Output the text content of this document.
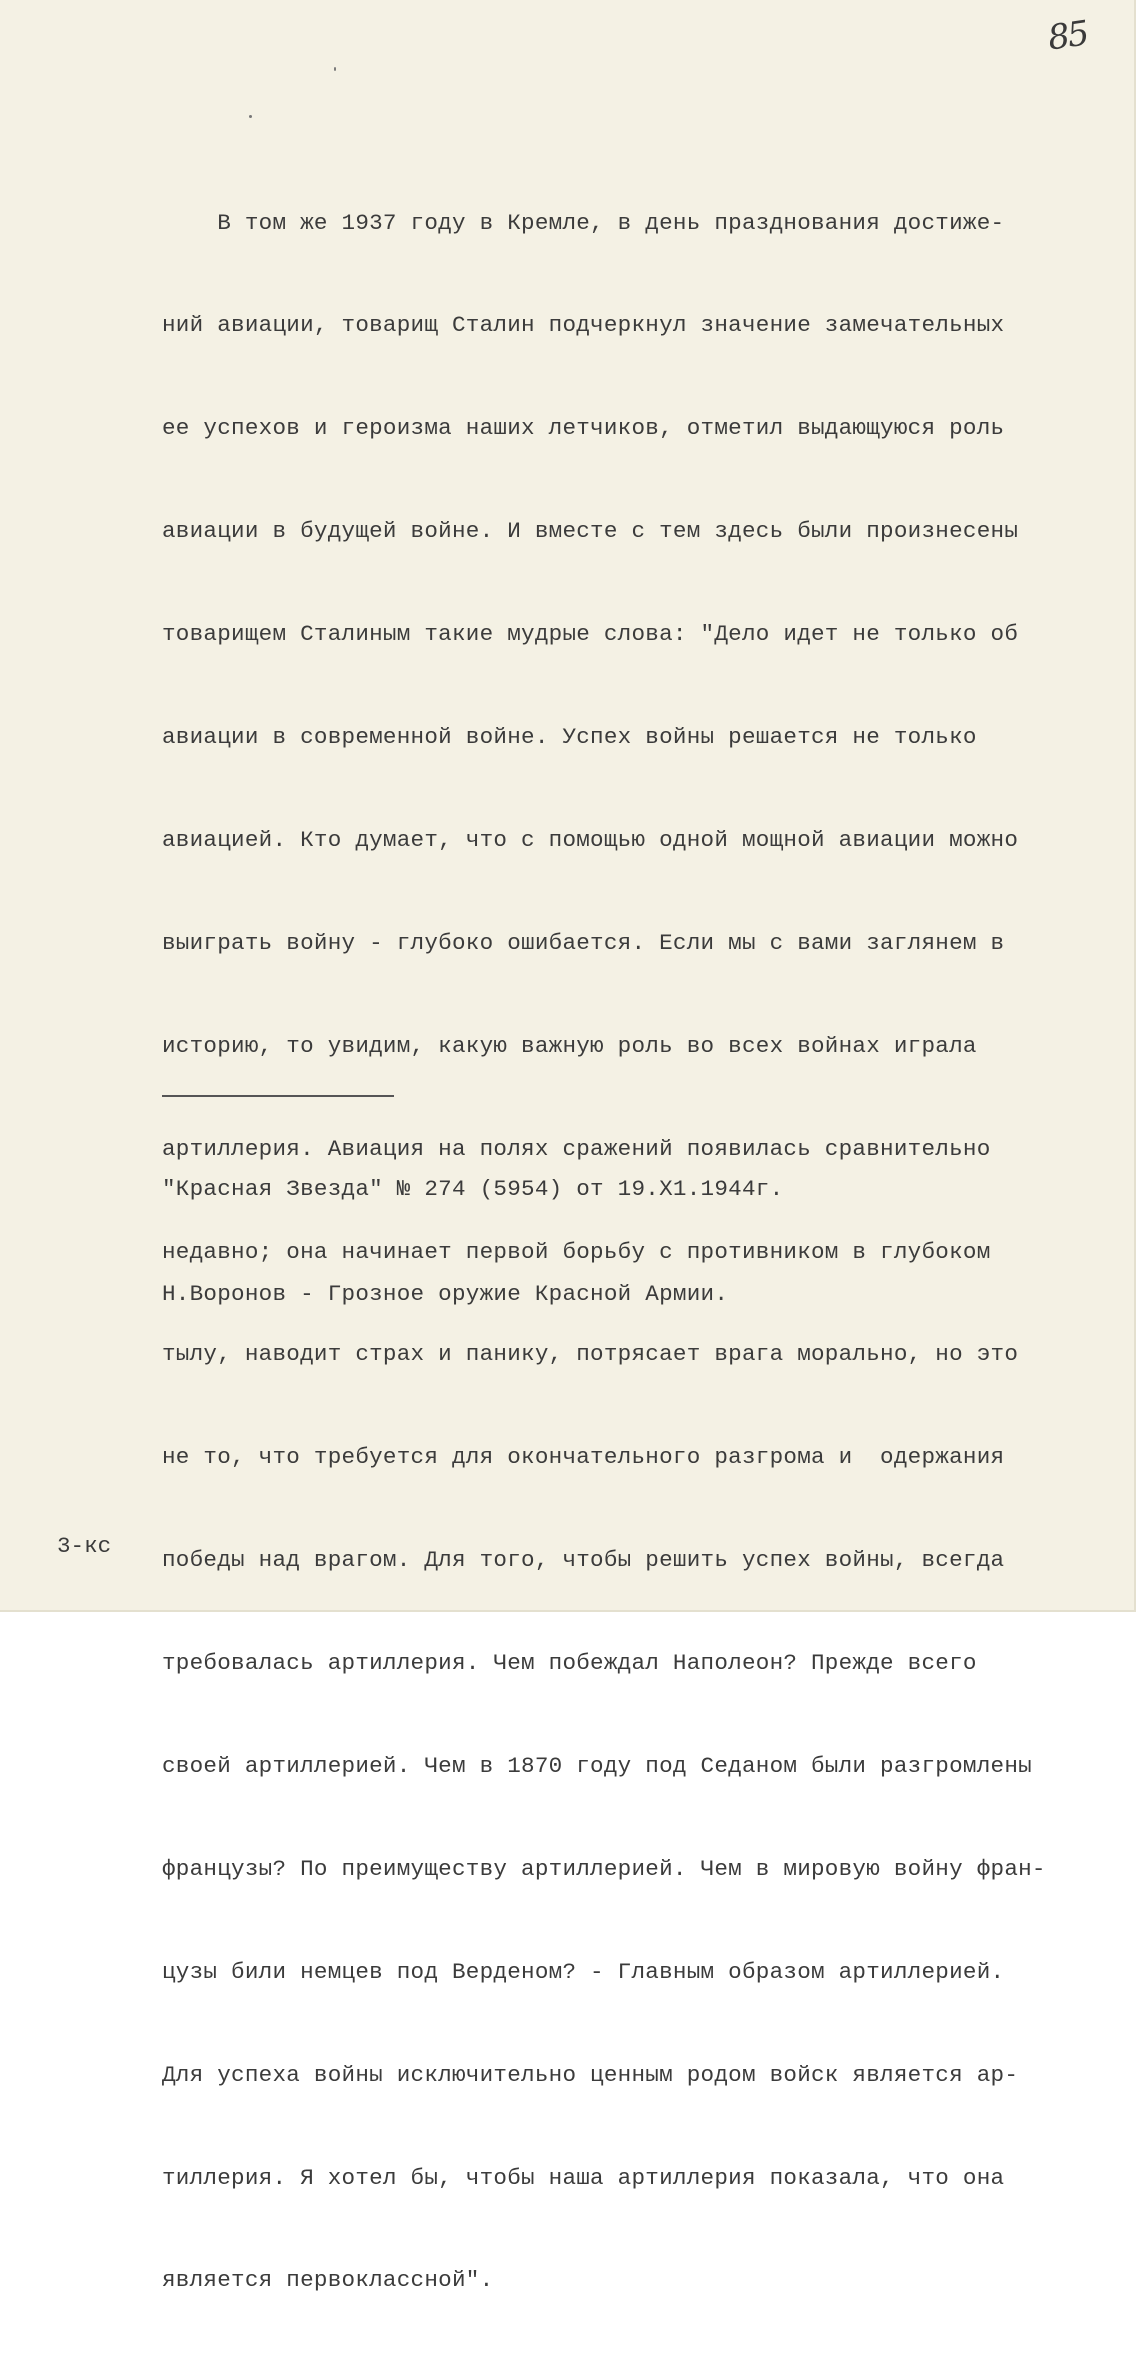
85

В том же 1937 году в Кремле, в день празднования достиже-

ний авиации, товарищ Сталин подчеркнул значение замечательных

ее успехов и героизма наших летчиков, отметил выдающуюся роль

авиации в будущей войне. И вместе с тем здесь были произнесены

товарищем Сталиным такие мудрые слова: "Дело идет не только об

авиации в современной войне. Успех войны решается не только

авиацией. Кто думает, что с помощью одной мощной авиации можно

выиграть войну - глубоко ошибается. Если мы с вами заглянем в

историю, то увидим, какую важную роль во всех войнах играла

артиллерия. Авиация на полях сражений появилась сравнительно

недавно; она начинает первой борьбу с противником в глубоком

тылу, наводит страх и панику, потрясает врага морально, но это

не то, что требуется для окончательного разгрома и  одержания

победы над врагом. Для того, чтобы решить успех войны, всегда

требовалась артиллерия. Чем побеждал Наполеон? Прежде всего

своей артиллерией. Чем в 1870 году под Седаном были разгромлены

французы? По преимуществу артиллерией. Чем в мировую войну фран-

цузы били немцев под Верденом? - Главным образом артиллерией.

Для успеха войны исключительно ценным родом войск является ар-

тиллерия. Я хотел бы, чтобы наша артиллерия показала, что она

является первоклассной".

"Красная Звезда" № 274 (5954) от 19.Х1.1944г.

Н.Воронов - Грозное оружие Красной Армии.

3-кс
